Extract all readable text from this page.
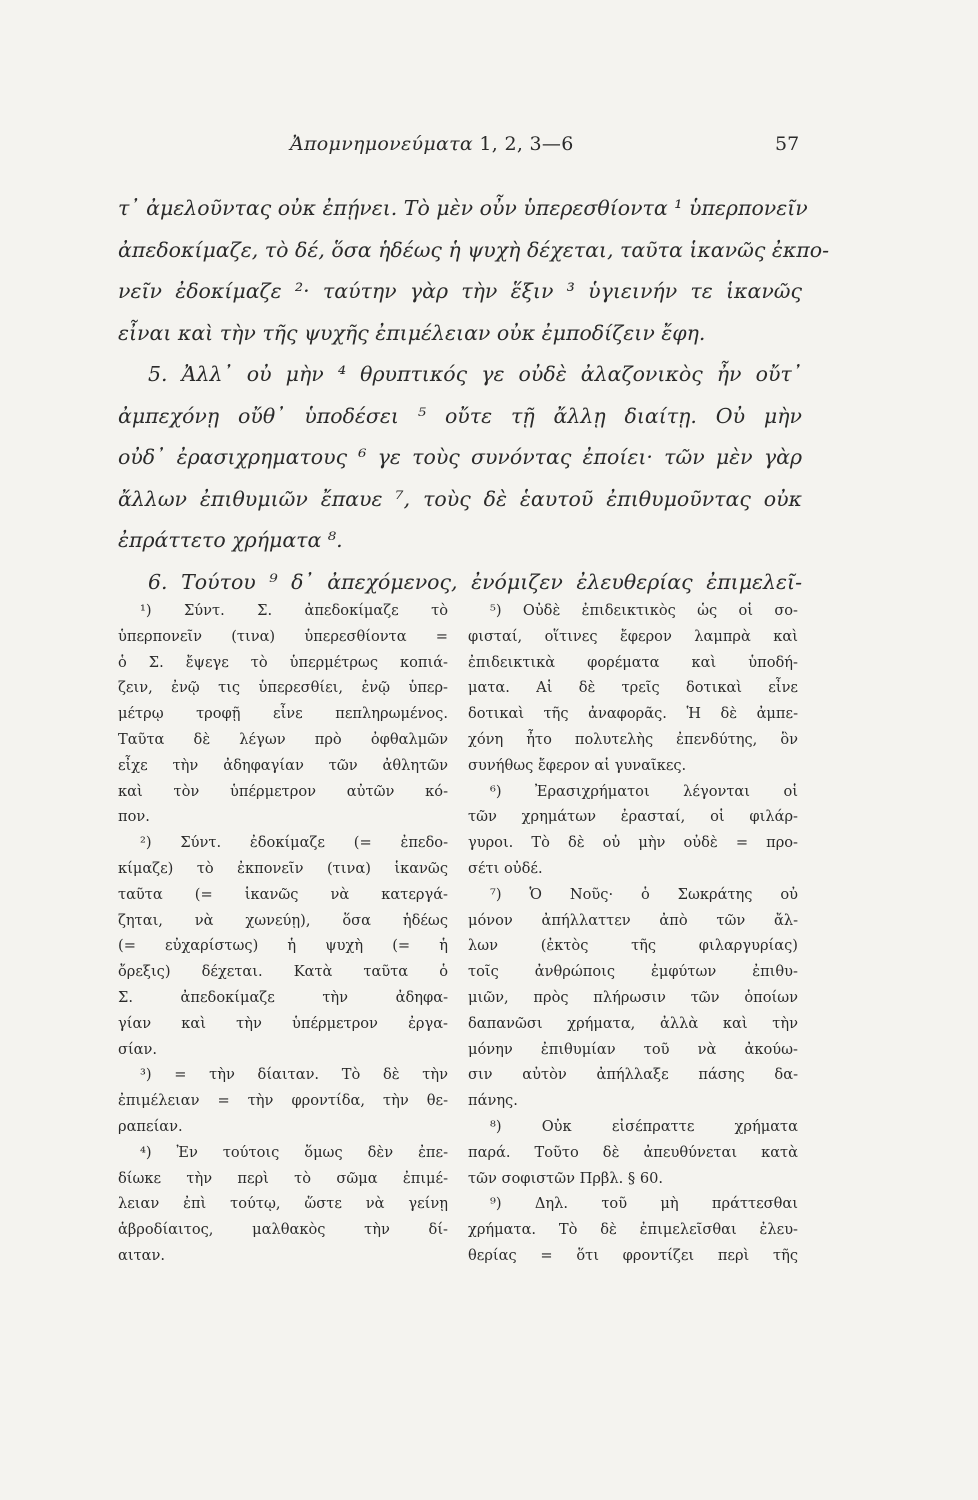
Ἀπομνημονεύματα 1, 2, 3—6	57
τ᾽ ἀμελοῦντας οὐκ ἐπῄνει. Τὸ μὲν οὖν ὑπερεσθίοντα ¹ ὑπερπονεῖν
ἀπεδοκίμαζε, τὸ δέ, ὅσα ἡδέως ἡ ψυχὴ δέχεται, ταῦτα ἱκανῶς ἐκπο-
νεῖν ἐδοκίμαζε ²· ταύτην γὰρ τὴν ἕξιν ³ ὑγιεινήν τε ἱκανῶς
εἶναι καὶ τὴν τῆς ψυχῆς ἐπιμέλειαν οὐκ ἐμποδίζειν ἔφη.
5. Ἀλλ᾽ οὐ μὴν ⁴ θρυπτικός γε οὐδὲ ἀλαζονικὸς ἦν οὔτ᾽
ἀμπεχόνῃ οὔθ᾽ ὑποδέσει ⁵ οὔτε τῇ ἄλλῃ διαίτῃ. Οὐ μὴν
οὐδ᾽ ἐρασιχρηματους ⁶ γε τοὺς συνόντας ἐποίει· τῶν μὲν γὰρ
ἄλλων ἐπιθυμιῶν ἔπαυε ⁷, τοὺς δὲ ἑαυτοῦ ἐπιθυμοῦντας οὐκ
ἐπράττετο χρήματα ⁸.
6. Τούτου ⁹ δ᾽ ἀπεχόμενος, ἐνόμιζεν ἐλευθερίας ἐπιμελεῖ-
¹) Σύντ. Σ. ἀπεδοκίμαζε τὸ
ὑπερπονεῖν (τινα) ὑπερεσθίοντα =
ὁ Σ. ἔψεγε τὸ ὑπερμέτρως κοπιά-
ζειν, ἐνῷ τις ὑπερεσθίει, ἐνῷ ὑπερ-
μέτρῳ τροφῇ εἶνε πεπληρωμένος.
Ταῦτα δὲ λέγων πρὸ ὀφθαλμῶν
εἶχε τὴν ἀδηφαγίαν τῶν ἀθλητῶν
καὶ τὸν ὑπέρμετρον αὐτῶν κό-
πον.
²) Σύντ. ἐδοκίμαζε (= ἐπεδο-
κίμαζε) τὸ ἐκπονεῖν (τινα) ἱκανῶς
ταῦτα (= ἱκανῶς νὰ κατεργά-
ζηται, νὰ χωνεύῃ), ὅσα ἡδέως
(= εὐχαρίστως) ἡ ψυχὴ (= ἡ
ὄρεξις) δέχεται. Κατὰ ταῦτα ὁ
Σ. ἀπεδοκίμαζε τὴν ἀδηφα-
γίαν καὶ τὴν ὑπέρμετρον ἐργα-
σίαν.
³) = τὴν δίαιταν. Τὸ δὲ τὴν
ἐπιμέλειαν = τὴν φροντίδα, τὴν θε-
ραπείαν.
⁴) Ἐν τούτοις ὅμως δὲν ἐπε-
δίωκε τὴν περὶ τὸ σῶμα ἐπιμέ-
λειαν ἐπὶ τούτῳ, ὥστε νὰ γείνῃ
ἁβροδίαιτος, μαλθακὸς τὴν δί-
αιταν.
⁵) Οὐδὲ ἐπιδεικτικὸς ὡς οἱ σο-
φισταί, οἵτινες ἔφερον λαμπρὰ καὶ
ἐπιδεικτικὰ φορέματα καὶ ὑποδή-
ματα. Αἱ δὲ τρεῖς δοτικαὶ εἶνε
δοτικαὶ τῆς ἀναφορᾶς. Ἡ δὲ ἀμπε-
χόνη ἦτο πολυτελὴς ἐπενδύτης, ὃν
συνήθως ἔφερον αἱ γυναῖκες.
⁶) Ἐρασιχρήματοι λέγονται οἱ
τῶν χρημάτων ἐρασταί, οἱ φιλάρ-
γυροι. Τὸ δὲ οὐ μὴν οὐδὲ = προ-
σέτι οὐδέ.
⁷) Ὁ Νοῦς· ὁ Σωκράτης οὐ
μόνον ἀπήλλαττεν ἀπὸ τῶν ἄλ-
λων (ἐκτὸς τῆς φιλαργυρίας)
τοῖς ἀνθρώποις ἐμφύτων ἐπιθυ-
μιῶν, πρὸς πλήρωσιν τῶν ὁποίων
δαπανῶσι χρήματα, ἀλλὰ καὶ τὴν
μόνην ἐπιθυμίαν τοῦ νὰ ἀκούω-
σιν αὐτὸν ἀπήλλαξε πάσης δα-
πάνης.
⁸) Οὐκ εἰσέπραττε χρήματα
παρά. Τοῦτο δὲ ἀπευθύνεται κατὰ
τῶν σοφιστῶν Πρβλ. § 60.
⁹) Δηλ. τοῦ μὴ πράττεσθαι
χρήματα. Τὸ δὲ ἐπιμελεῖσθαι ἐλευ-
θερίας = ὅτι φροντίζει περὶ τῆς
